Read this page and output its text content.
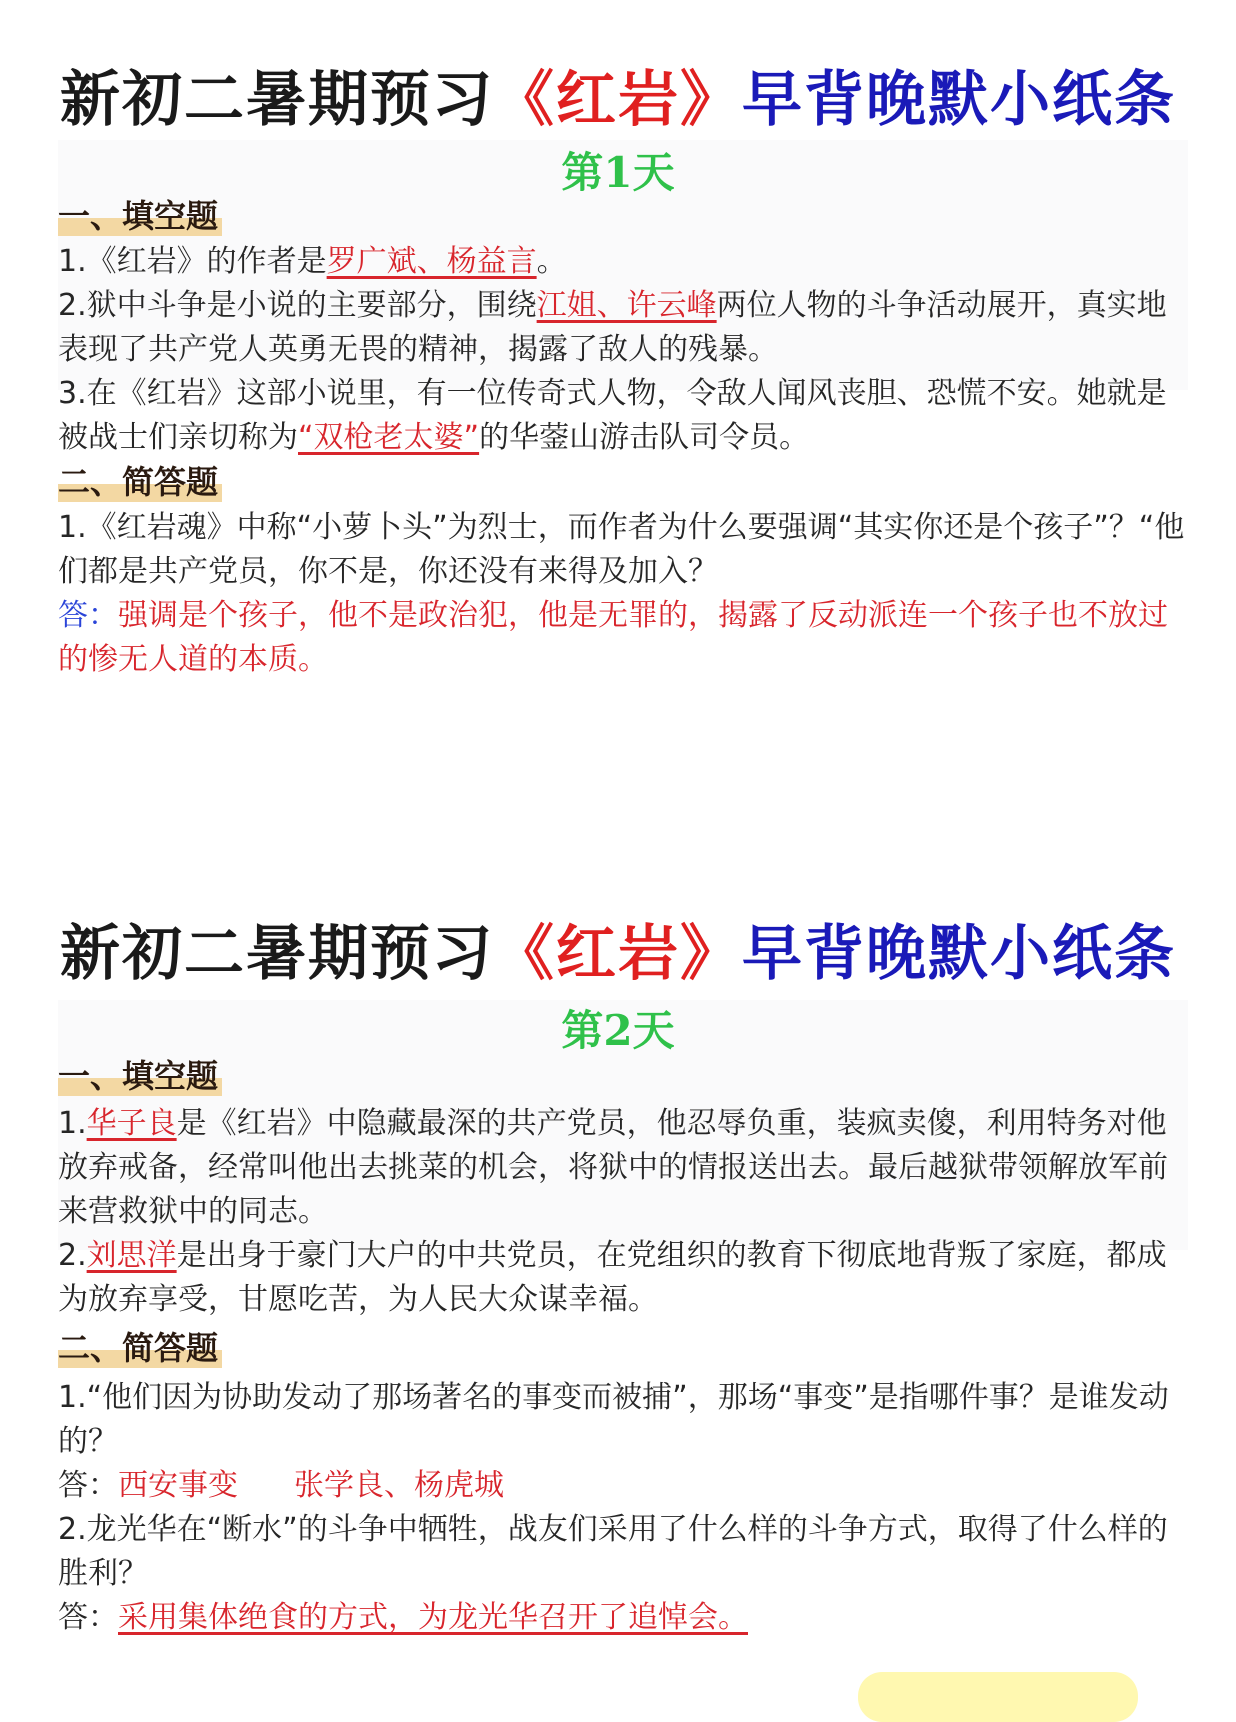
新初二暑期预习《红岩》早背晚默小纸条
第1天
一、填空题
1.《红岩》的作者是罗广斌、杨益言。
2.狱中斗争是小说的主要部分，围绕江姐、许云峰两位人物的斗争活动展开，真实地表现了共产党人英勇无畏的精神，揭露了敌人的残暴。
3.在《红岩》这部小说里，有一位传奇式人物，令敌人闻风丧胆、恐慌不安。她就是被战士们亲切称为“双枪老太婆”的华蓥山游击队司令员。
二、简答题
1.《红岩魂》中称“小萝卜头”为烈士，而作者为什么要强调“其实你还是个孩子”？“他们都是共产党员，你不是，你还没有来得及加入？
答：强调是个孩子，他不是政治犯，他是无罪的，揭露了反动派连一个孩子也不放过的惨无人道的本质。
新初二暑期预习《红岩》早背晚默小纸条
第2天
一、填空题
1.华子良是《红岩》中隐藏最深的共产党员，他忍辱负重，装疯卖傻，利用特务对他放弃戒备，经常叫他出去挑菜的机会，将狱中的情报送出去。最后越狱带领解放军前来营救狱中的同志。
2.刘思洋是出身于豪门大户的中共党员，在党组织的教育下彻底地背叛了家庭，都成为放弃享受，甘愿吃苦，为人民大众谋幸福。
二、简答题
1.“他们因为协助发动了那场著名的事变而被捕”，那场“事变”是指哪件事？是谁发动的？
答：西安事变 张学良、杨虎城
2.龙光华在“断水”的斗争中牺牲，战友们采用了什么样的斗争方式，取得了什么样的胜利？
答：采用集体绝食的方式，为龙光华召开了追悼会。
